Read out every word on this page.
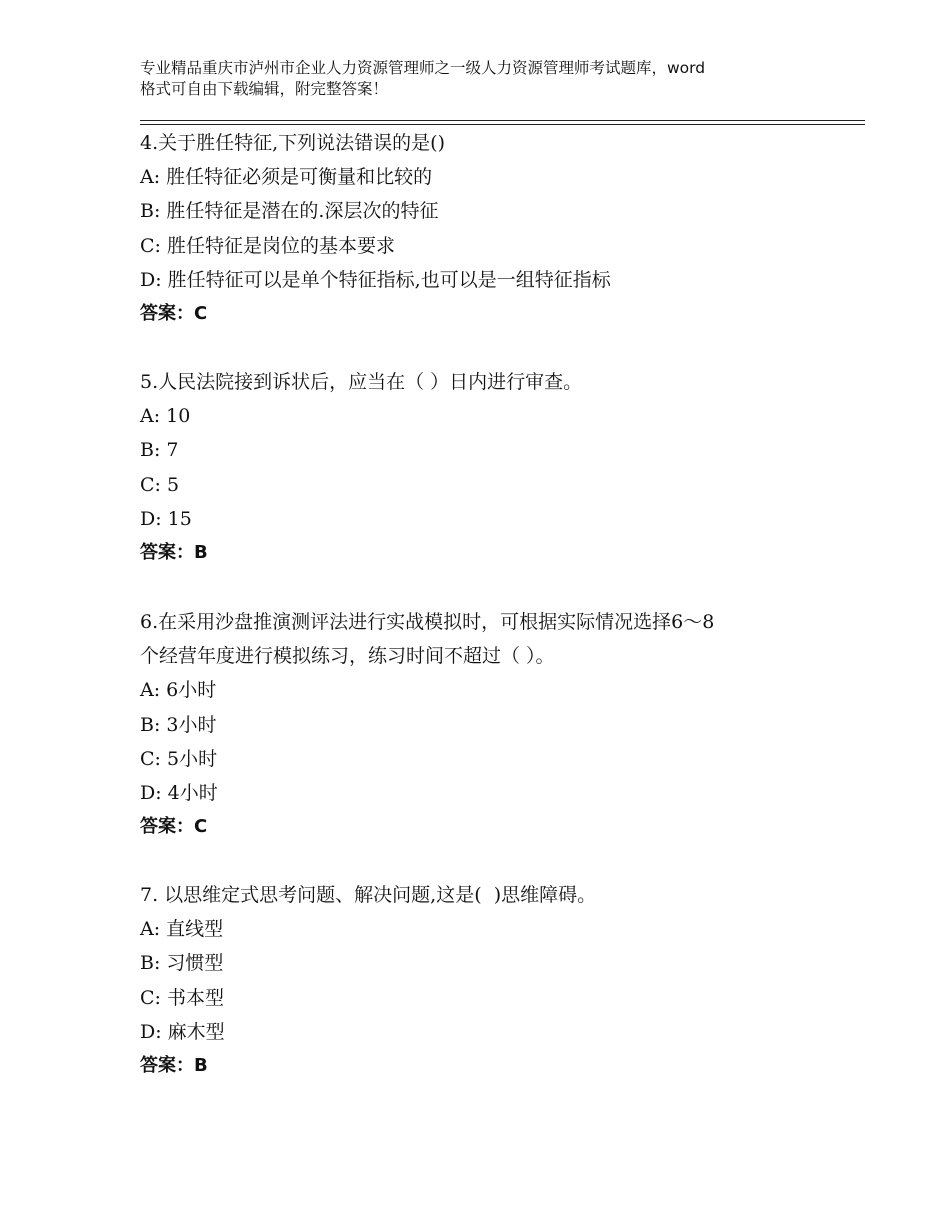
专业精品重庆市泸州市企业人力资源管理师之一级人力资源管理师考试题库，word
格式可自由下载编辑，附完整答案！
4.关于胜任特征,下列说法错误的是()
A: 胜任特征必须是可衡量和比较的
B: 胜任特征是潜在的.深层次的特征
C: 胜任特征是岗位的基本要求
D: 胜任特征可以是单个特征指标,也可以是一组特征指标
答案：C
5.人民法院接到诉状后，应当在（ ）日内进行审查。
A: 10
B: 7
C: 5
D: 15
答案：B
6.在采用沙盘推演测评法进行实战模拟时，可根据实际情况选择6～8
个经营年度进行模拟练习，练习时间不超过（ ）。
A: 6小时
B: 3小时
C: 5小时
D: 4小时
答案：C
7. 以思维定式思考问题、解决问题,这是(  )思维障碍。
A: 直线型
B: 习惯型
C: 书本型
D: 麻木型
答案：B
